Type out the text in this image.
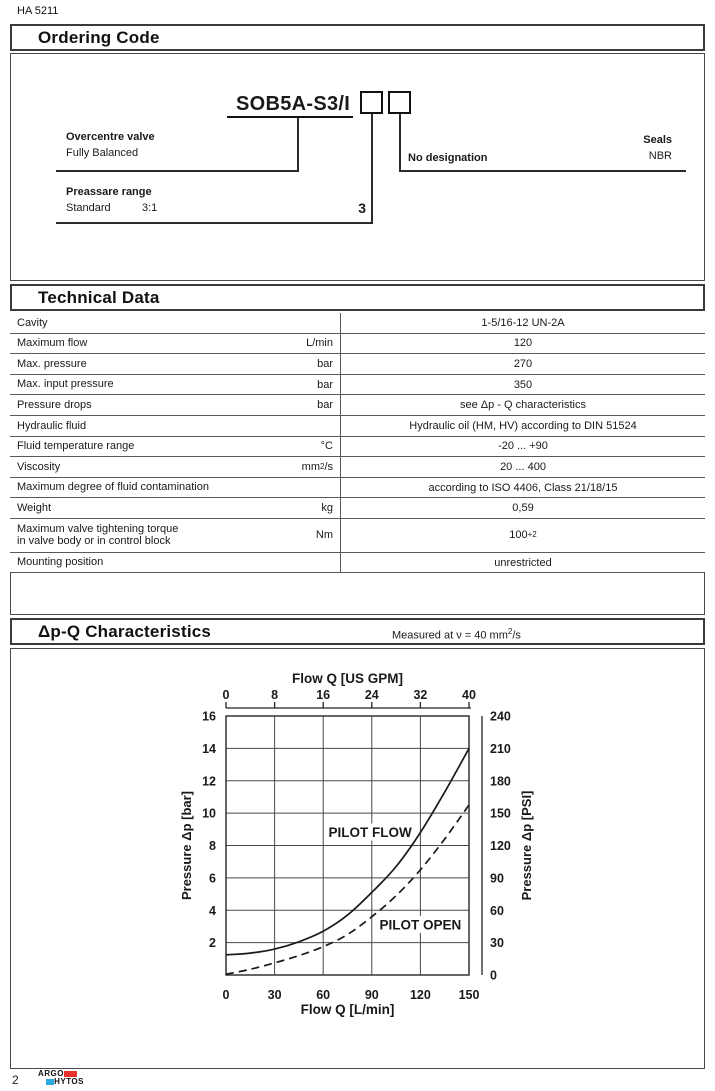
HA 5211
Ordering Code
SOB5A-S3/I
Overcentre valve
Fully Balanced
Preassare range
Standard	3:1	3
No designation
Seals
NBR
Technical Data
Cavity	1-5/16-12 UN-2A
Maximum flow	L/min	120
Max. pressure	bar	270
Max. input pressure	bar	350
Pressure drops	bar	see Δp - Q characteristics
Hydraulic fluid	Hydraulic oil (HM, HV) according to DIN 51524
Fluid temperature range	°C	-20 ... +90
Viscosity	mm 2 /s	20 ... 400
Maximum degree of fluid contamination	according to ISO 4406, Class 21/18/15
Weight	kg	0,59
Maximum valve tightening torque
in valve body or in control block	Nm	100 +2
Mounting position	unrestricted
Δp-Q Characteristics	Measured at ν = 40 $mm^2/s$
0	8	16	24	32	40
Flow Q [US GPM]
0	30	60	90 120 150
Flow Q [L/min]
16
14
12
10
8
6
4
2
Pressure Δp [bar]
240
210
180
150
120
90
60
30
0
Pressure Δp [PSI]
PILOT FLOW
PILOT OPEN
2 ARGO
HYTOS
